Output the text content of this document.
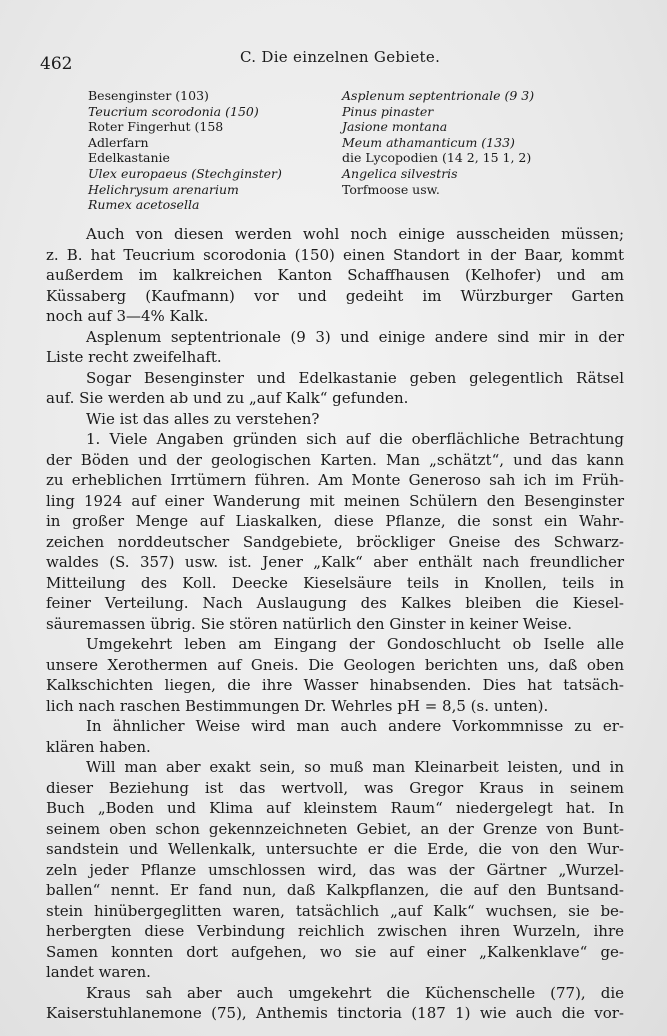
462	C. Die einzelnen Gebiete.
Besenginster (103)
Teucrium scorodonia (150)
Roter Fingerhut (158
Adlerfarn
Edelkastanie
Ulex europaeus (Stechginster)
Helichrysum arenarium
Rumex acetosella
Asplenum septentrionale (9 3)
Pinus pinaster
Jasione montana
Meum athamanticum (133)
die Lycopodien (14 2, 15 1, 2)
Angelica silvestris
Torfmoose usw.

Auch von diesen werden wohl noch einige ausscheiden müssen;
z. B. hat Teucrium scorodonia (150) einen Standort in der Baar, kommt
außerdem im kalkreichen Kanton Schaffhausen (Kelhofer) und am
Küssaberg (Kaufmann) vor und gedeiht im Würzburger Garten
noch auf 3—4% Kalk.

Asplenum septentrionale (9 3) und einige andere sind mir in der
Liste recht zweifelhaft.

Sogar Besenginster und Edelkastanie geben gelegentlich Rätsel
auf. Sie werden ab und zu „auf Kalk“ gefunden.

Wie ist das alles zu verstehen?

1. Viele Angaben gründen sich auf die oberflächliche Betrachtung
der Böden und der geologischen Karten. Man „schätzt“, und das kann
zu erheblichen Irrtümern führen. Am Monte Generoso sah ich im Früh-
ling 1924 auf einer Wanderung mit meinen Schülern den Besenginster
in großer Menge auf Liaskalken, diese Pflanze, die sonst ein Wahr-
zeichen norddeutscher Sandgebiete, bröckliger Gneise des Schwarz-
waldes (S. 357) usw. ist. Jener „Kalk“ aber enthält nach freundlicher
Mitteilung des Koll. Deecke Kieselsäure teils in Knollen, teils in
feiner Verteilung. Nach Auslaugung des Kalkes bleiben die Kiesel-
säuremassen übrig. Sie stören natürlich den Ginster in keiner Weise.

Umgekehrt leben am Eingang der Gondoschlucht ob Iselle alle
unsere Xerothermen auf Gneis. Die Geologen berichten uns, daß oben
Kalkschichten liegen, die ihre Wasser hinabsenden. Dies hat tatsäch-
lich nach raschen Bestimmungen Dr. Wehrles pH = 8,5 (s. unten).

In ähnlicher Weise wird man auch andere Vorkommnisse zu er-
klären haben.

Will man aber exakt sein, so muß man Kleinarbeit leisten, und in
dieser Beziehung ist das wertvoll, was Gregor Kraus in seinem
Buch „Boden und Klima auf kleinstem Raum“ niedergelegt hat. In
seinem oben schon gekennzeichneten Gebiet, an der Grenze von Bunt-
sandstein und Wellenkalk, untersuchte er die Erde, die von den Wur-
zeln jeder Pflanze umschlossen wird, das was der Gärtner „Wurzel-
ballen“ nennt. Er fand nun, daß Kalkpflanzen, die auf den Buntsand-
stein hinübergeglitten waren, tatsächlich „auf Kalk“ wuchsen, sie be-
herbergten diese Verbindung reichlich zwischen ihren Wurzeln, ihre
Samen konnten dort aufgehen, wo sie auf einer „Kalkenklave“ ge-
landet waren.

Kraus sah aber auch umgekehrt die Küchenschelle (77), die
Kaiserstuhlanemone (75), Anthemis tinctoria (187 1) wie auch die vor-
